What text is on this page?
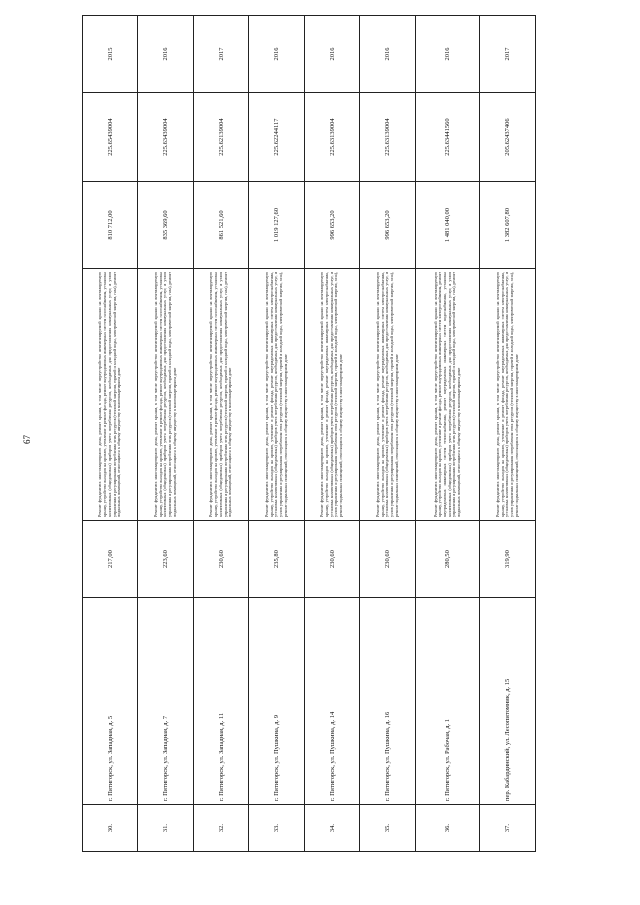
67
30.	г. Пятигорск, ул. Западная, д. 5	217,00	Ремонт фундамента многоквартирного дома, ремонт крыши, в том числе переустройство невентилируемой крыши на вентилируемую крышу, устройство выходов на кровлю, утепление и ремонт фасада, ремонт внутридомовых инженерных систем газоснабжения, установка коллективных (общедомовых) приборов учета потребления ресурсов, необходимых для предоставления коммунальных услуг, и узлов управления и регулирования потребления этих ресурсов (тепловой энергии, горячей и холодной воды, электрической энергии, газа), ремонт подвальных помещений, относящихся к общему имуществу в многоквартирном доме	810 712,00	225.65439004	2015
31.	г. Пятигорск, ул. Западная, д. 7	223,60	Ремонт фундамента многоквартирного дома, ремонт крыши, в том числе переустройство невентилируемой крыши на вентилируемую крышу, устройство выходов на кровлю, утепление и ремонт фасада, ремонт внутридомовых инженерных систем газоснабжения, установка коллективных (общедомовых) приборов учета потребления ресурсов, необходимых для предоставления коммунальных услуг, и узлов управления и регулирования потребления этих ресурсов (тепловой энергии, горячей и холодной воды, электрической энергии, газа), ремонт подвальных помещений, относящихся к общему имуществу в многоквартирном доме	835 369,60	225.63439004	2016
32.	г. Пятигорск, ул. Западная, д. 11	230,60	Ремонт фундамента многоквартирного дома, ремонт крыши, в том числе переустройство невентилируемой крыши на вентилируемую крышу, устройство выходов на кровлю, утепление и ремонт фасада, ремонт внутридомовых инженерных систем газоснабжения, установка коллективных (общедомовых) приборов учета потребления ресурсов, необходимых для предоставления коммунальных услуг, и узлов управления и регулирования потребления этих ресурсов (тепловой энергии, горячей и холодной воды, электрической энергии, газа), ремонт подвальных помещений, относящихся к общему имуществу в многоквартирном доме	861 521,60	225.62139004	2017
33.	г. Пятигорск, ул. Пушкина, д. 9	235,80	Ремонт фундамента многоквартирного дома, ремонт крыши, в том числе переустройство невентилируемой крыши на вентилируемую крышу, устройство выходов на кровлю, утепление и ремонт фасада, ремонт внутридомовых инженерных систем электроснабжения, установка коллективных (общедомовых) приборов учета потребления ресурсов, необходимых для предоставления коммунальных услуг, и узлов управления и регулирования потребления этих ресурсов (тепловой энергии, горячей и холодной воды, электрической энергии, газа), ремонт подвальных помещений, относящихся к общему имуществу в многоквартирном доме	1 019 127,60	225.62244117	2016
34.	г. Пятигорск, ул. Пушкина, д. 14	230,60	Ремонт фундамента многоквартирного дома, ремонт крыши, в том числе переустройство невентилируемой крыши на вентилируемую крышу, устройство выходов на кровлю, утепление и ремонт фасада, ремонт внутридомовых инженерных систем электроснабжения, установка коллективных (общедомовых) приборов учета потребления ресурсов, необходимых для предоставления коммунальных услуг, и узлов управления и регулирования потребления этих ресурсов (тепловой энергии, горячей и холодной воды, электрической энергии, газа), ремонт подвальных помещений, относящихся к общему имуществу в многоквартирном доме	996 653,20	225.63139004	2016
35.	г. Пятигорск, ул. Пушкина, д. 16	230,60	Ремонт фундамента многоквартирного дома, ремонт крыши, в том числе переустройство невентилируемой крыши на вентилируемую крышу, устройство выходов на кровлю, утепление и ремонт фасада, ремонт внутридомовых инженерных систем электроснабжения, установка коллективных (общедомовых) приборов учета потребления ресурсов, необходимых для предоставления коммунальных услуг, и узлов управления и регулирования потребления этих ресурсов (тепловой энергии, горячей и холодной воды, электрической энергии, газа), ремонт подвальных помещений, относящихся к общему имуществу в многоквартирном доме	996 653,20	225.63139004	2016
36.	г. Пятигорск, ул. Рабочая, д. 1	280,50	Ремонт фундамента многоквартирного дома, ремонт крыши, в том числе переустройство невентилируемой крыши на вентилируемую крышу, устройство выходов на кровлю, утепление и ремонт фасада, ремонт внутридомовых инженерных систем электроснабжения, ремонт внутридомовых инженерных систем теплоснабжения, ремонт внутридомовых инженерных систем водоснабжения, установка коллективных (общедомовых) приборов учета потребления ресурсов, необходимых для предоставления коммунальных услуг, и узлов управления и регулирования потребления этих ресурсов (тепловой энергии, горячей и холодной воды, электрической энергии, газа), ремонт подвальных помещений, относящихся к общему имуществу в многоквартирном доме	1 481 040,00	225.63441560	2016
37.	пер. Кабардинский, ул. Лесопитомник, д. 15	319,90	Ремонт фундамента многоквартирного дома, ремонт крыши, в том числе переустройство невентилируемой крыши на вентилируемую крышу, устройство выходов на кровлю, утепление и ремонт фасада, ремонт внутридомовых инженерных систем электроснабжения, установка коллективных (общедомовых) приборов учета потребления ресурсов, необходимых для предоставления коммунальных услуг, и узлов управления и регулирования потребления этих ресурсов (тепловой энергии, горячей и холодной воды, электрической энергии, газа), ремонт подвальных помещений, относящихся к общему имуществу в многоквартирном доме	1 382 607,80	205.62437406	2017
